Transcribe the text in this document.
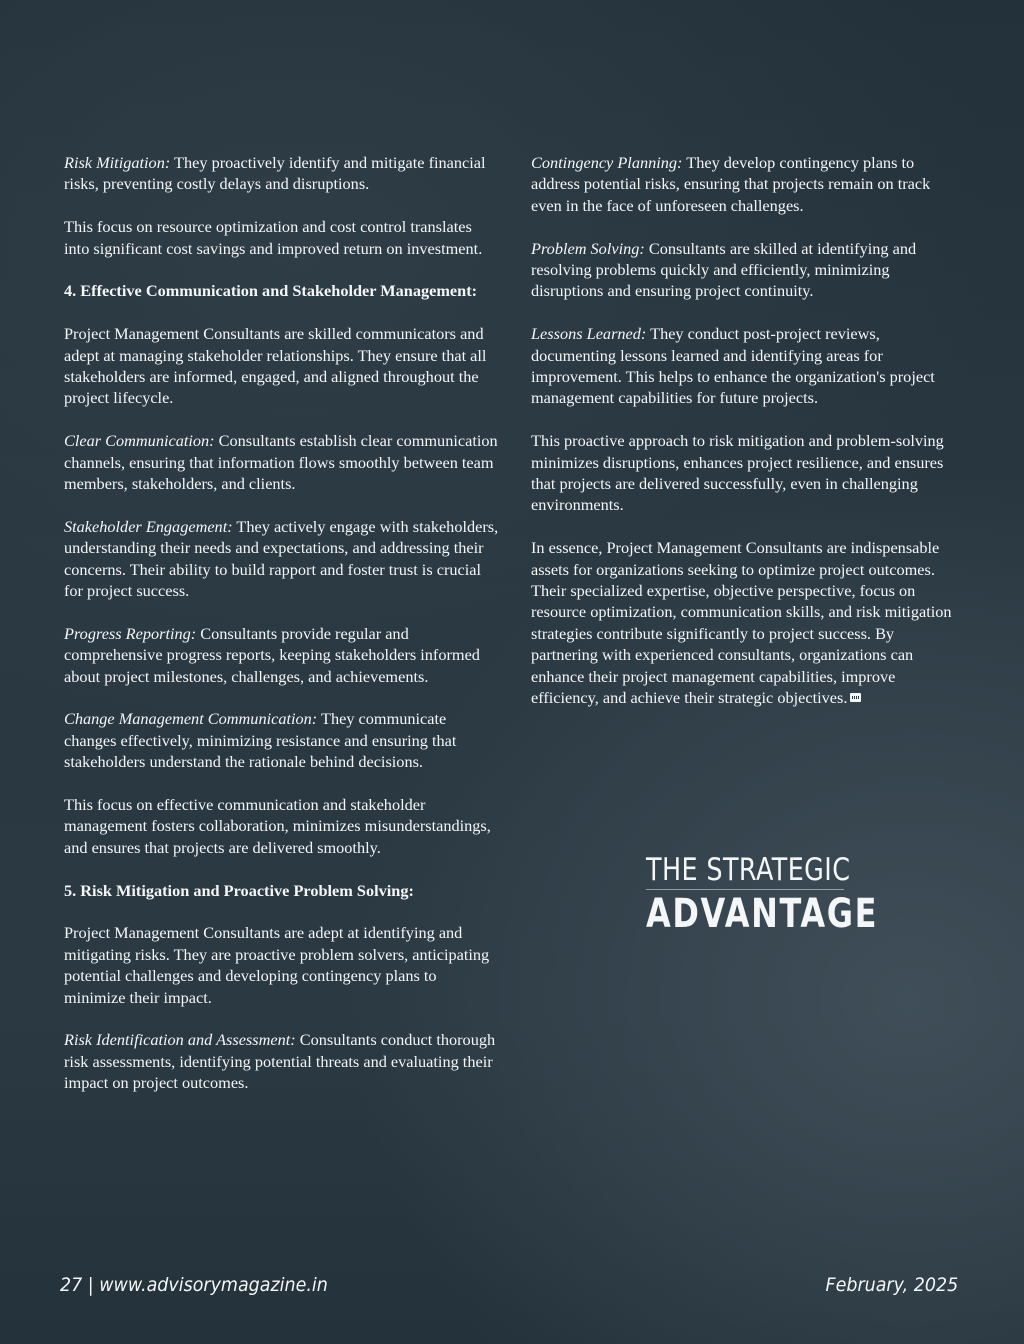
Risk Mitigation: They proactively identify and mitigate financial risks, preventing costly delays and disruptions.

This focus on resource optimization and cost control translates into significant cost savings and improved return on investment.

4. Effective Communication and Stakeholder Management:

Project Management Consultants are skilled communicators and adept at managing stakeholder relationships. They ensure that all stakeholders are informed, engaged, and aligned throughout the project lifecycle.

Clear Communication: Consultants establish clear communication channels, ensuring that information flows smoothly between team members, stakeholders, and clients.

Stakeholder Engagement: They actively engage with stakeholders, understanding their needs and expectations, and addressing their concerns. Their ability to build rapport and foster trust is crucial for project success.

Progress Reporting: Consultants provide regular and comprehensive progress reports, keeping stakeholders informed about project milestones, challenges, and achievements.

Change Management Communication: They communicate changes effectively, minimizing resistance and ensuring that stakeholders understand the rationale behind decisions.

This focus on effective communication and stakeholder management fosters collaboration, minimizes misunderstandings, and ensures that projects are delivered smoothly.

5. Risk Mitigation and Proactive Problem Solving:

Project Management Consultants are adept at identifying and mitigating risks. They are proactive problem solvers, anticipating potential challenges and developing contingency plans to minimize their impact.

Risk Identification and Assessment: Consultants conduct thorough risk assessments, identifying potential threats and evaluating their impact on project outcomes.

Contingency Planning: They develop contingency plans to address potential risks, ensuring that projects remain on track even in the face of unforeseen challenges.

Problem Solving: Consultants are skilled at identifying and resolving problems quickly and efficiently, minimizing disruptions and ensuring project continuity.

Lessons Learned: They conduct post-project reviews, documenting lessons learned and identifying areas for improvement. This helps to enhance the organization's project management capabilities for future projects.

This proactive approach to risk mitigation and problem-solving minimizes disruptions, enhances project resilience, and ensures that projects are delivered successfully, even in challenging environments.

In essence, Project Management Consultants are indispensable assets for organizations seeking to optimize project outcomes. Their specialized expertise, objective perspective, focus on resource optimization, communication skills, and risk mitigation strategies contribute significantly to project success. By partnering with experienced consultants, organizations can enhance their project management capabilities, improve efficiency, and achieve their strategic objectives.

THE STRATEGIC
ADVANTAGE
27 | www.advisorymagazine.in	February, 2025
